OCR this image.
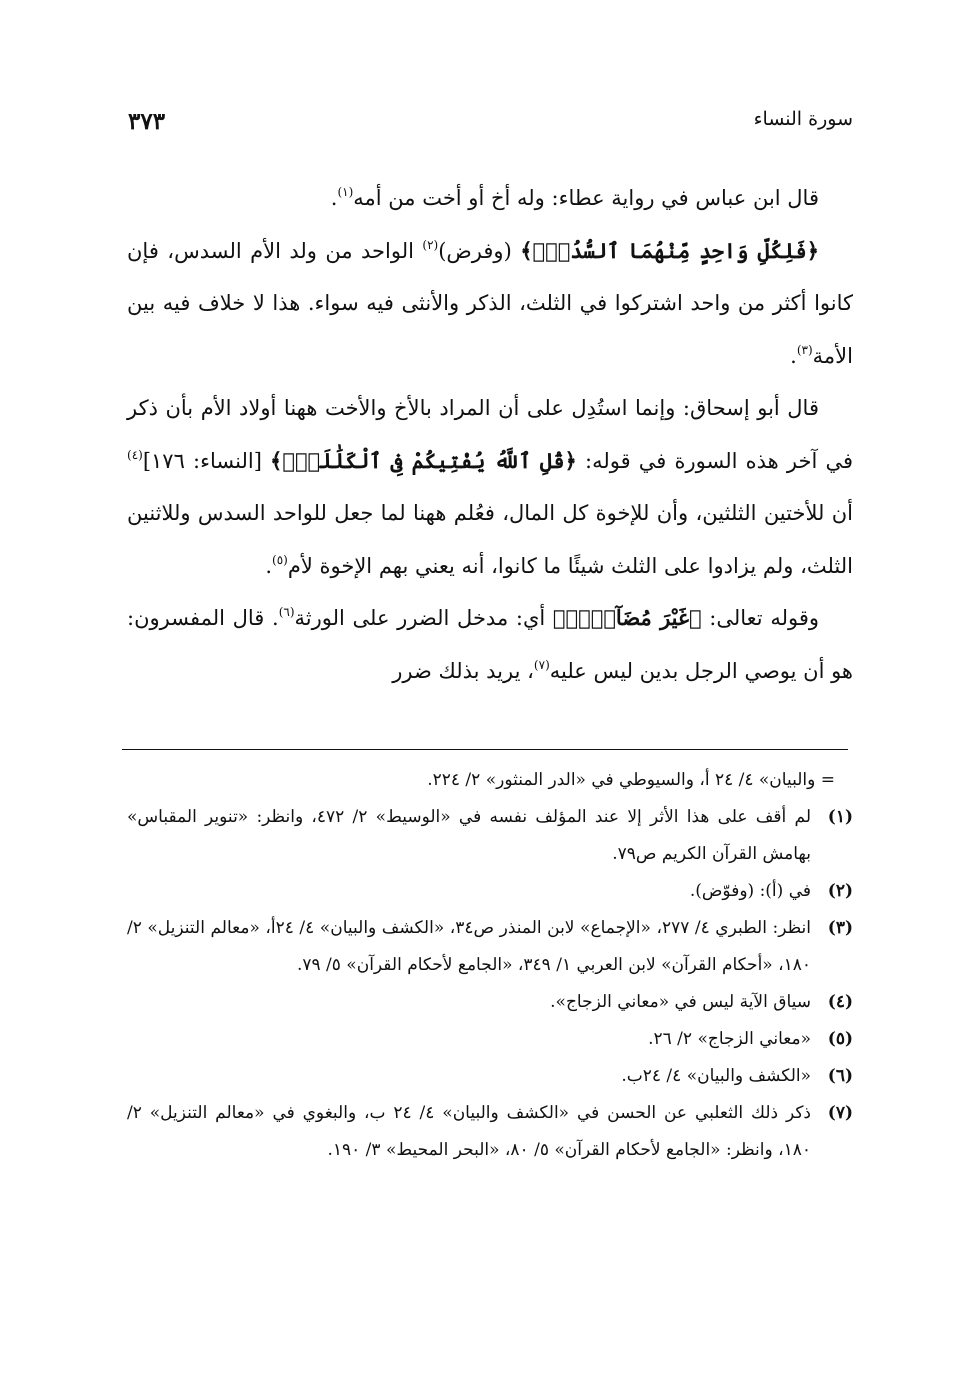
سورة النساء
٣٧٣

قال ابن عباس في رواية عطاء: وله أخ أو أخت من أمه$^{(١)}$.

﴿فَلِكُلِّ وَاحِدٍ مِّنْهُمَا ٱلسُّدُسُۚ﴾ (وفرض)$^{(٢)}$ الواحد من ولد الأم السدس، فإن كانوا أكثر من واحد اشتركوا في الثلث، الذكر والأنثى فيه سواء. هذا لا خلاف فيه بين الأمة$^{(٣)}$.

قال أبو إسحاق: وإنما استُدِل على أن المراد بالأخ والأخت ههنا أولاد الأم بأن ذكر في آخر هذه السورة في قوله: ﴿قُلِ ٱللَّهُ يُفْتِيكُمْ فِى ٱلْكَلَٰلَةِۚ﴾ [النساء: ١٧٦]$^{(٤)}$ أن للأختين الثلثين، وأن للإخوة كل المال، فعُلم ههنا لما جعل للواحد السدس وللاثنين الثلث، ولم يزادوا على الثلث شيئًا ما كانوا، أنه يعني بهم الإخوة لأم$^{(٥)}$.

وقوله تعالى: ﴿غَيْرَ مُضَآرٍّۚ﴾ أي: مدخل الضرر على الورثة$^{(٦)}$. قال المفسرون: هو أن يوصي الرجل بدين ليس عليه$^{(٧)}$، يريد بذلك ضرر

= والبيان» ٤/ ٢٤ أ، والسيوطي في «الدر المنثور» ٢/ ٢٢٤.
(١)
لم أقف على هذا الأثر إلا عند المؤلف نفسه في «الوسيط» ٢/ ٤٧٢، وانظر: «تنوير المقباس» بهامش القرآن الكريم ص٧٩.
(٢)
في (أ): (وفوّض).
(٣)
انظر: الطبري ٤/ ٢٧٧، «الإجماع» لابن المنذر ص٣٤، «الكشف والبيان» ٤/ ٢٤أ، «معالم التنزيل» ٢/ ١٨٠، «أحكام القرآن» لابن العربي ١/ ٣٤٩، «الجامع لأحكام القرآن» ٥/ ٧٩.
(٤)
سياق الآية ليس في «معاني الزجاج».
(٥)
«معاني الزجاج» ٢/ ٢٦.
(٦)
«الكشف والبيان» ٤/ ٢٤ب.
(٧)
ذكر ذلك الثعلبي عن الحسن في «الكشف والبيان» ٤/ ٢٤ ب، والبغوي في «معالم التنزيل» ٢/ ١٨٠، وانظر: «الجامع لأحكام القرآن» ٥/ ٨٠، «البحر المحيط» ٣/ ١٩٠.
